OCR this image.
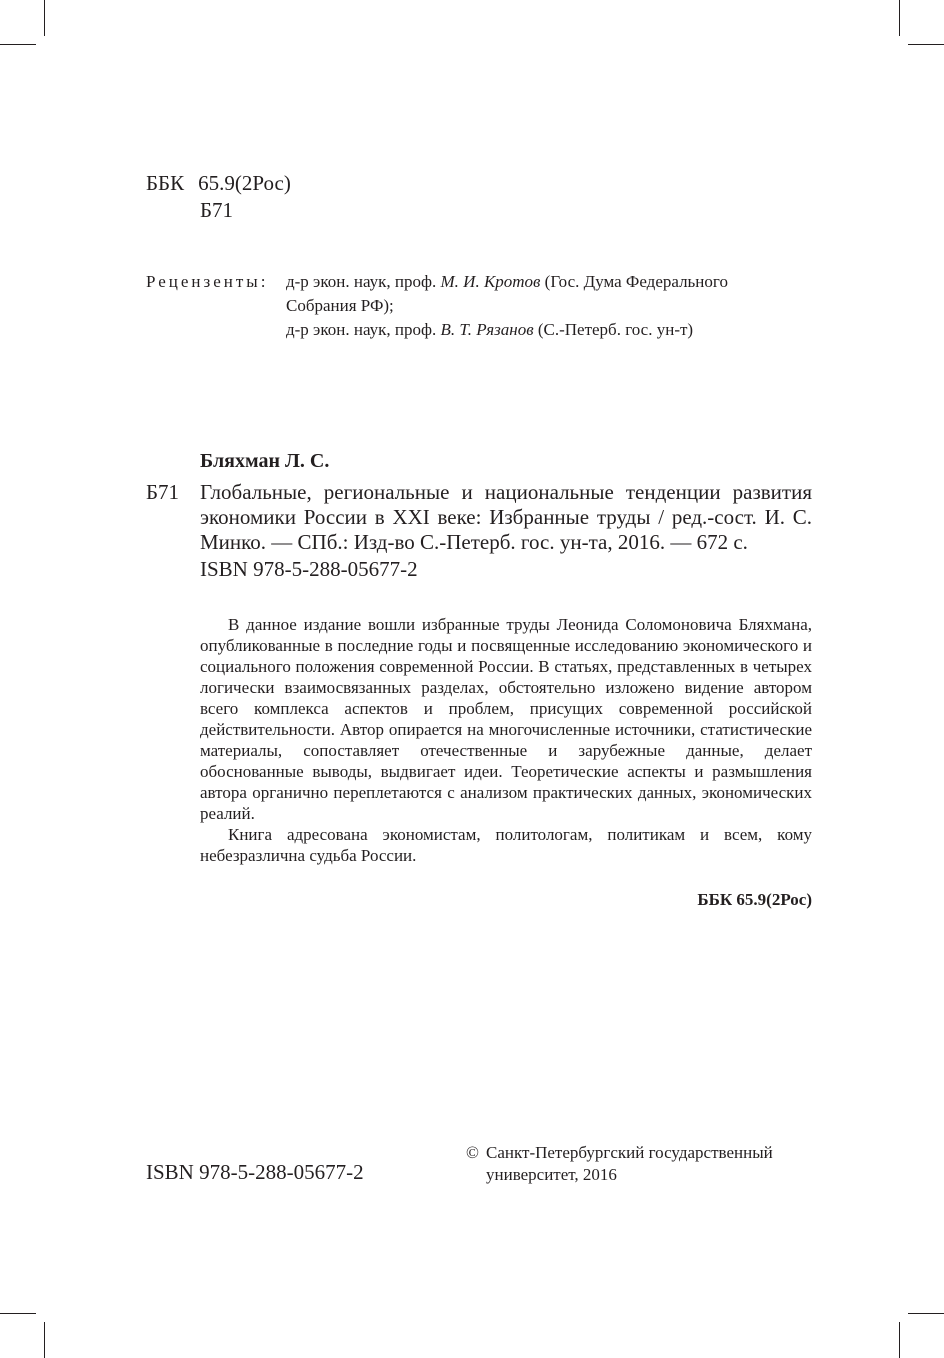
ББК 65.9(2Рос)
Б71
Рецензенты: д-р экон. наук, проф. М. И. Кротов (Гос. Дума Федерального
Собрания РФ);
д-р экон. наук, проф. В. Т. Рязанов (С.-Петерб. гос. ун-т)
Бляхман Л. С.
Б71 Глобальные, региональные и национальные тенденции развития экономики России в XXI веке: Избранные труды / ред.-сост. И. С. Минко. — СПб.: Изд-во С.-Петерб. гос. ун-та, 2016. — 672 с.
ISBN 978-5-288-05677-2

В данное издание вошли избранные труды Леонида Соломоновича Бляхмана, опубликованные в последние годы и посвященные исследованию экономического и социального положения современной России. В статьях, представленных в четырех логически взаимосвязанных разделах, обстоятельно изложено видение автором всего комплекса аспектов и проблем, присущих современной российской действительности. Автор опирается на многочисленные источники, статистические материалы, сопоставляет отечественные и зарубежные данные, делает обоснованные выводы, выдвигает идеи. Теоретические аспекты и размышления автора органично переплетаются с анализом практических данных, экономических реалий.

Книга адресована экономистам, политологам, политикам и всем, кому небезразлична судьба России.

ББК 65.9(2Рос)
ISBN 978-5-288-05677-2
© Санкт-Петербургский государственный
университет, 2016
